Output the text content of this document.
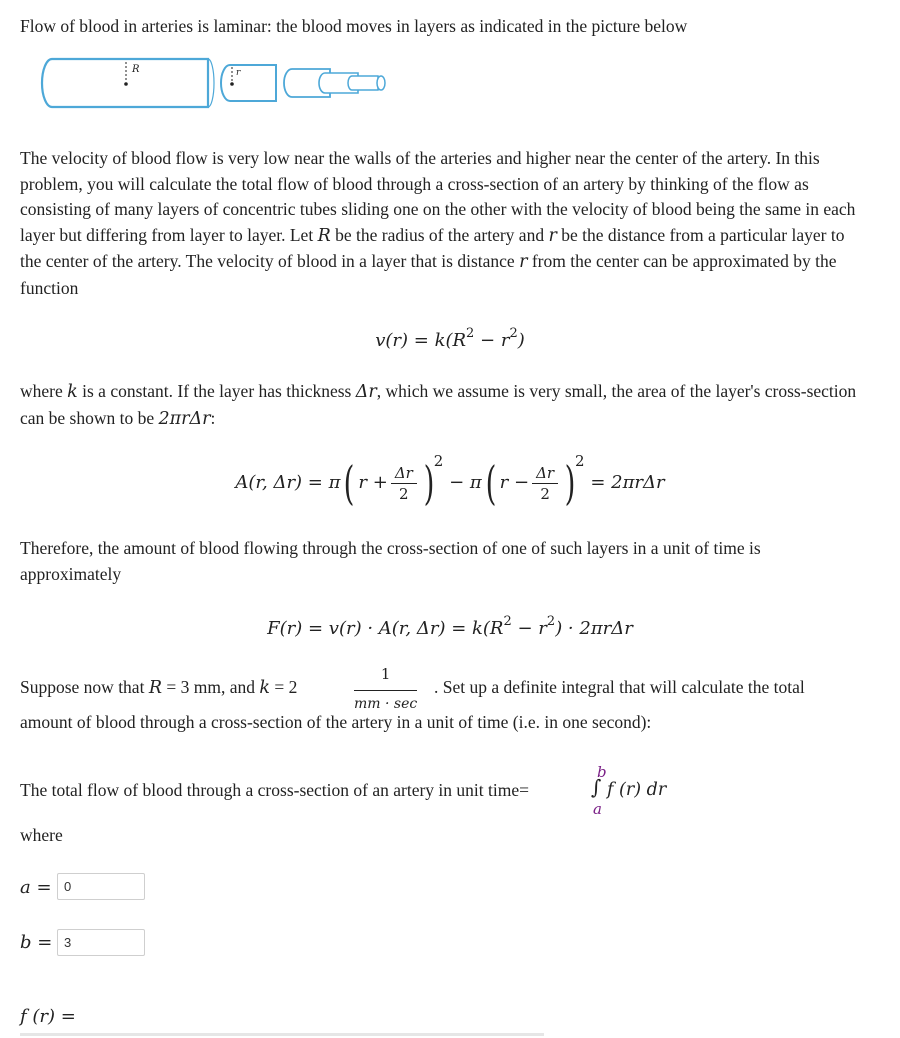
Flow of blood in arteries is laminar: the blood moves in layers as indicated in the picture below

R	r

The velocity of blood flow is very low near the walls of the arteries and higher near the center of the artery. In this problem, you will calculate the total flow of blood through a cross-section of an artery by thinking of the flow as consisting of many layers of concentric tubes sliding one on the other with the velocity of blood being the same in each layer but differing from layer to layer. Let R be the radius of the artery and r be the distance from a particular layer to the center of the artery. The velocity of blood in a layer that is distance r from the center can be approximated by the function

$v(r) = k(R^2 - r^2)$

where k is a constant. If the layer has thickness Δr, which we assume is very small, the area of the layer's cross-section can be shown to be 2πrΔr:

A(r, Δr) = π( $r + \frac{\Delta r}{2} )2 - \pi$( $r - \frac{\Delta r}{2} )2 = 2\pi r\Delta r$

Therefore, the amount of blood flowing through the cross-section of one of such layers in a unit of time is approximately

F(r) = v(r) · A(r, $\Delta r) = k(R^2 - r^2) \cdot 2\pi r\Delta r$
Suppose now that R = 3 mm, and k = 2
1
mm · sec
. Set up a definite integral that will calculate the total

amount of blood through a cross-section of the artery in a unit of time (i.e. in one second):

The total flow of blood through a cross-section of an artery in unit time=
b
∫
a
f (r) dr

where

a = 0
b = 3
f (r) =
